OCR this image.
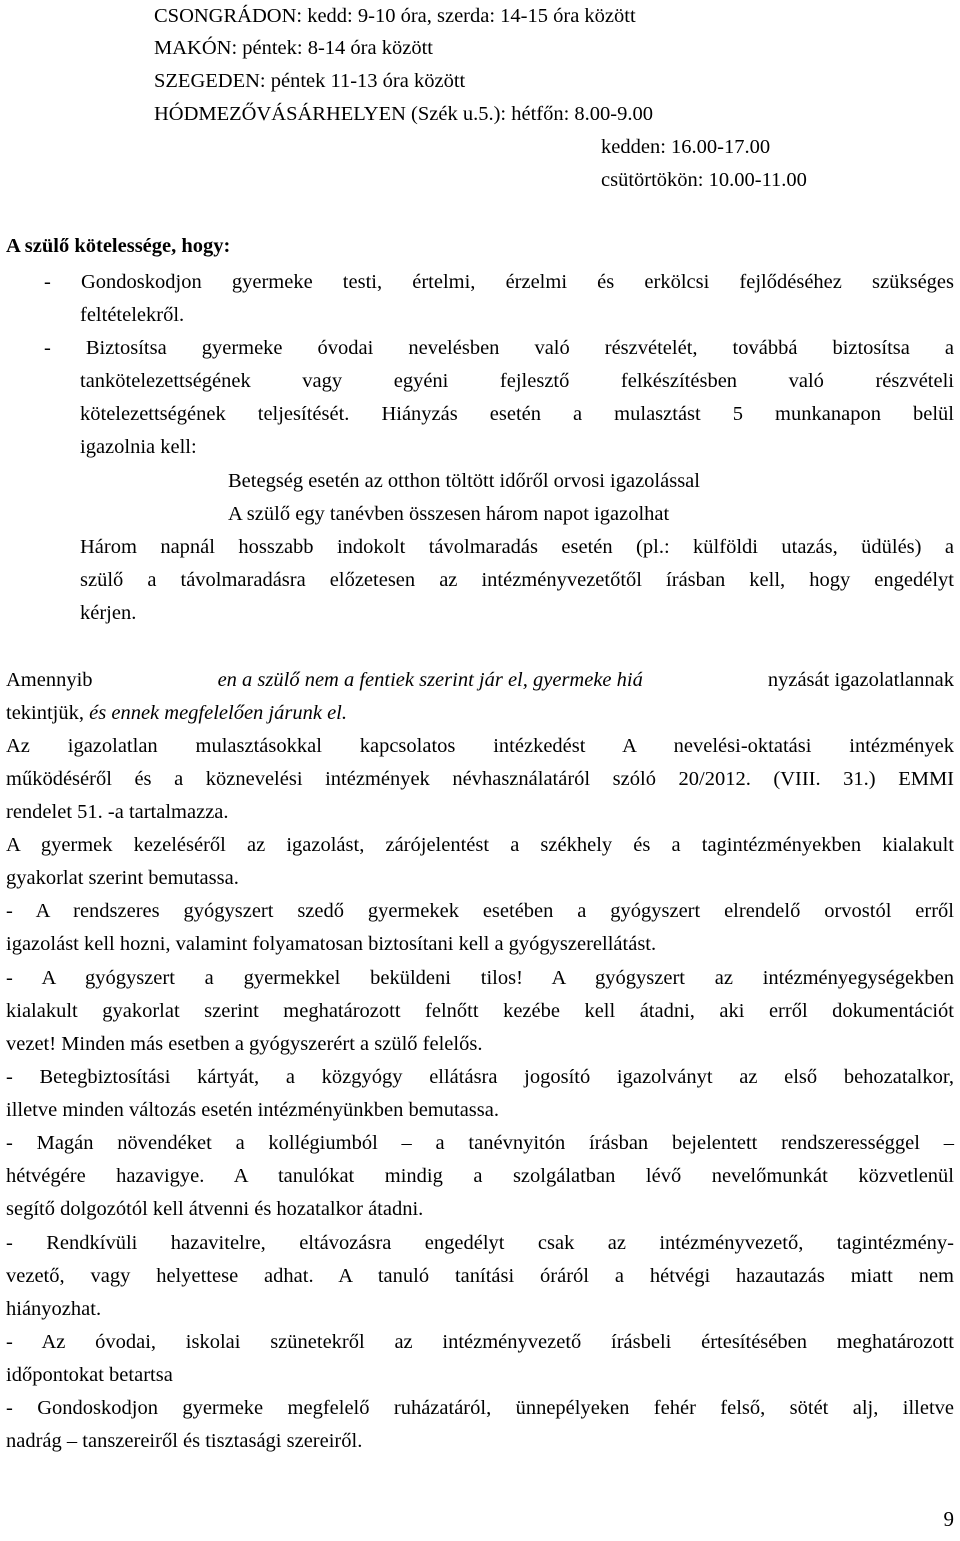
CSONGRÁDON: kedd: 9-10 óra, szerda: 14-15 óra között
MAKÓN: péntek: 8-14 óra között
SZEGEDEN: péntek 11-13 óra között
HÓDMEZŐVÁSÁRHELYEN (Szék u.5.): hétfőn: 8.00-9.00
kedden: 16.00-17.00
csütörtökön: 10.00-11.00
A szülő kötelessége, hogy:
- Gondoskodjon gyermeke testi, értelmi, érzelmi és erkölcsi fejlődéséhez szükséges
feltételekről.
- Biztosítsa gyermeke óvodai nevelésben való részvételét, továbbá biztosítsa a
tankötelezettségének vagy egyéni fejlesztő felkészítésben való részvételi
kötelezettségének teljesítését. Hiányzás esetén a mulasztást 5 munkanapon belül
igazolnia kell:
Betegség esetén az otthon töltött időről orvosi igazolással
A szülő egy tanévben összesen három napot igazolhat
Három napnál hosszabb indokolt távolmaradás esetén (pl.: külföldi utazás, üdülés) a
szülő a távolmaradásra előzetesen az intézményvezetőtől írásban kell, hogy engedélyt
kérjen.
Amennyib	en a szülő nem a fentiek szerint jár el, gyermeke hiá	nyzását igazolatlannak
tekintjük, és ennek megfelelően járunk el.
Az igazolatlan mulasztásokkal kapcsolatos intézkedést A nevelési-oktatási intézmények
működéséről és a köznevelési intézmények névhasználatáról szóló 20/2012. (VIII. 31.) EMMI
rendelet 51. -a tartalmazza.
A gyermek kezeléséről az igazolást, zárójelentést a székhely és a tagintézményekben kialakult
gyakorlat szerint bemutassa.
- A rendszeres gyógyszert szedő gyermekek esetében a gyógyszert elrendelő orvostól erről
igazolást kell hozni, valamint folyamatosan biztosítani kell a gyógyszerellátást.
- A gyógyszert a gyermekkel beküldeni tilos! A gyógyszert az intézményegységekben
kialakult gyakorlat szerint meghatározott felnőtt kezébe kell átadni, aki erről dokumentációt
vezet! Minden más esetben a gyógyszerért a szülő felelős.
- Betegbiztosítási kártyát, a közgyógy ellátásra jogosító igazolványt az első behozatalkor,
illetve minden változás esetén intézményünkben bemutassa.
- Magán növendéket a kollégiumból – a tanévnyitón írásban bejelentett rendszerességgel –
hétvégére hazavigye. A tanulókat mindig a szolgálatban lévő nevelőmunkát közvetlenül
segítő dolgozótól kell átvenni és hozatalkor átadni.
- Rendkívüli hazavitelre, eltávozásra engedélyt csak az intézményvezető, tagintézmény-
vezető, vagy helyettese adhat. A tanuló tanítási óráról a hétvégi hazautazás miatt nem
hiányozhat.
- Az óvodai, iskolai szünetekről az intézményvezető írásbeli értesítésében meghatározott
időpontokat betartsa
- Gondoskodjon gyermeke megfelelő ruházatáról, ünnepélyeken fehér felső, sötét alj, illetve
nadrág – tanszereiről és tisztasági szereiről.
9
